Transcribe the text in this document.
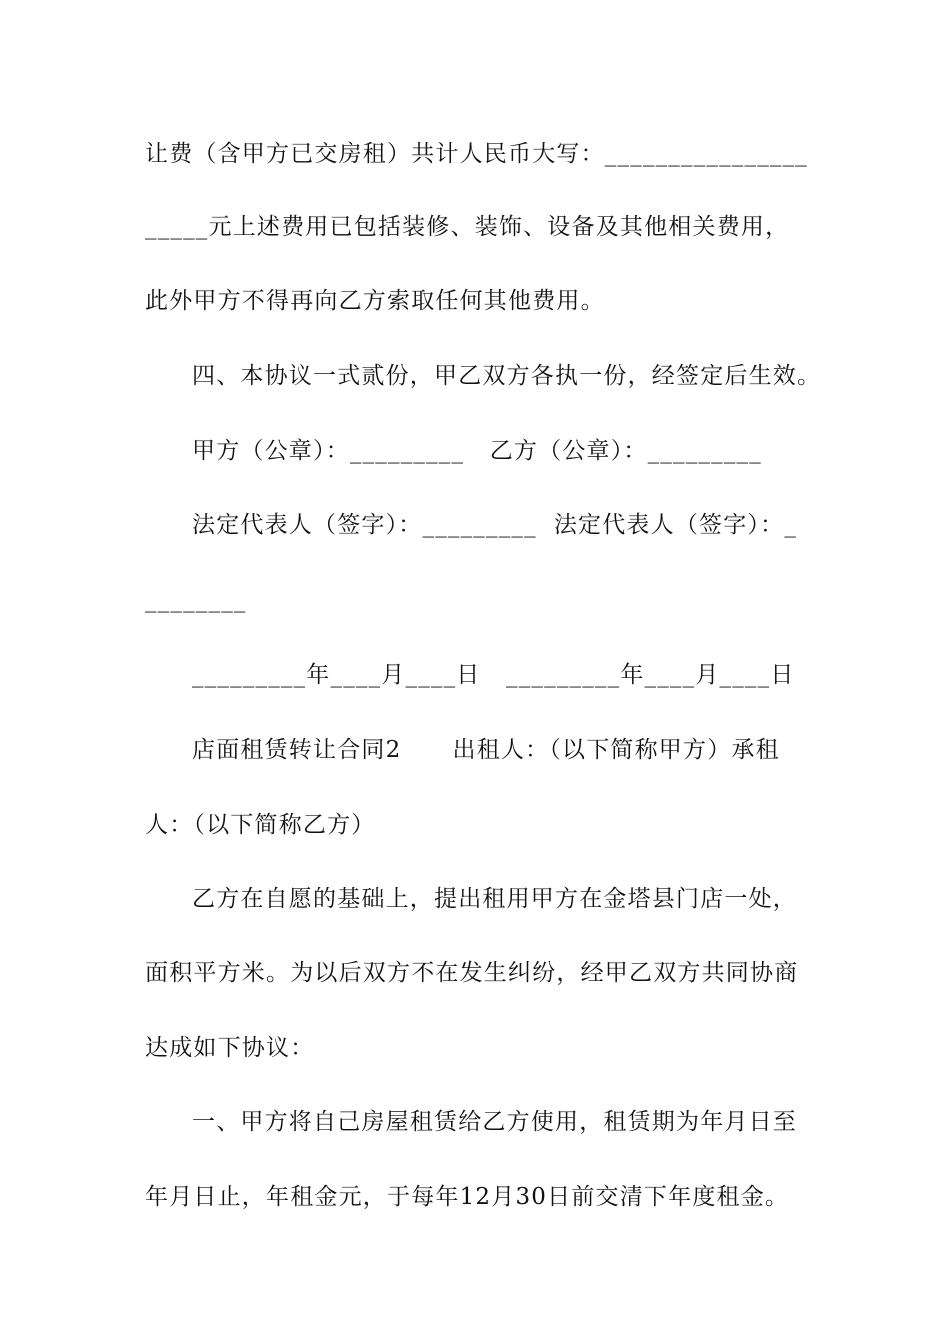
让费（含甲方已交房租）共计人民币大写：________________
_____元上述费用已包括装修、装饰、设备及其他相关费用，
此外甲方不得再向乙方索取任何其他费用。
四、本协议一式贰份，甲乙双方各执一份，经签定后生效。
甲方（公章）：_________   乙方（公章）：_________
法定代表人（签字）：_________  法定代表人（签字）：_
________
_________年____月____日   _________年____月____日
店面租赁转让合同2      出租人：（以下简称甲方）承租
人：（以下简称乙方）
乙方在自愿的基础上，提出租用甲方在金塔县门店一处，
面积平方米。为以后双方不在发生纠纷，经甲乙双方共同协商
达成如下协议：
一、甲方将自己房屋租赁给乙方使用，租赁期为年月日至
年月日止，年租金元，于每年12月30日前交清下年度租金。
